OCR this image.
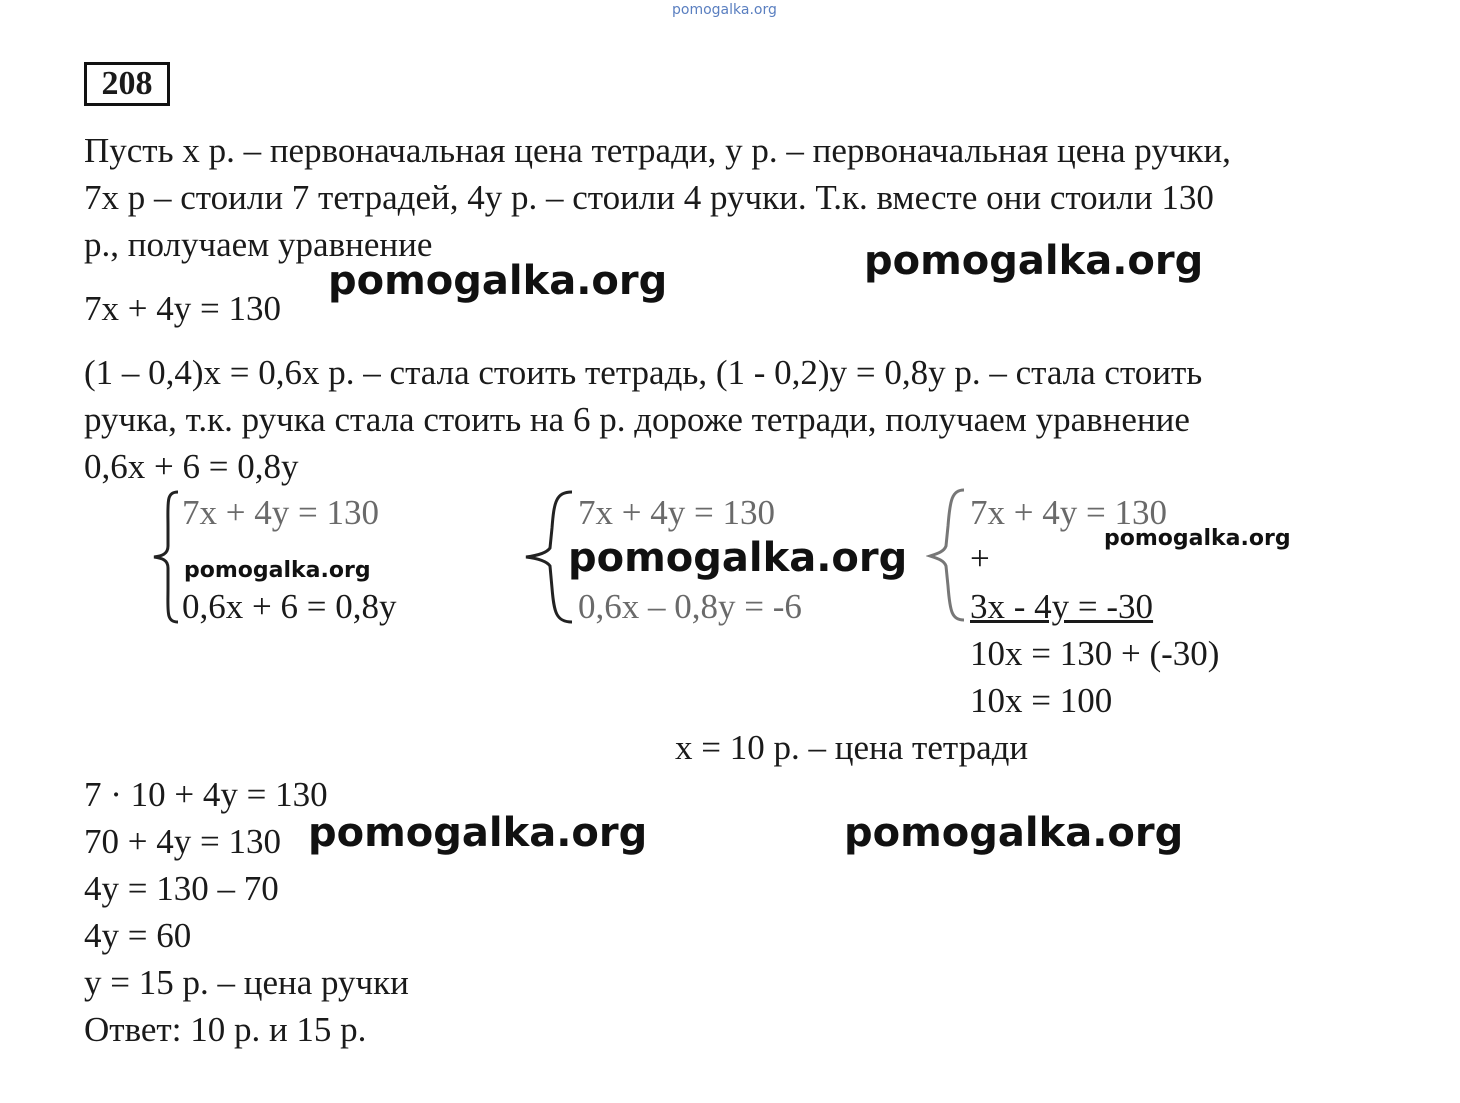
pomogalka.org
208
Пусть х р. – первоначальная цена тетради, у р. – первоначальная цена ручки,
7х р – стоили 7 тетрадей, 4у р. – стоили 4 ручки. Т.к. вместе они стоили 130
р., получаем уравнение
pomogalka.org	pomogalka.org
7х + 4у = 130
(1 – 0,4)х = 0,6х р. – стала стоить тетрадь, (1 - 0,2)у = 0,8у р. – стала стоить
ручка, т.к. ручка стала стоить на 6 р. дороже тетради, получаем уравнение
0,6х + 6 = 0,8у
7х + 4у = 130
pomogalka.org
0,6х + 6 = 0,8у
7х + 4у = 130
pomogalka.org
0,6х – 0,8у = -6
7х + 4у = 130
pomogalka.org
+
3х - 4у = -30
10х = 130 + (-30)
10х = 100
х = 10 р. – цена тетради
7 · 10 + 4у = 130
70 + 4у = 130
4у = 130 – 70
4у = 60
у = 15 р. – цена ручки
Ответ: 10 р. и 15 р.
pomogalka.org	pomogalka.org
